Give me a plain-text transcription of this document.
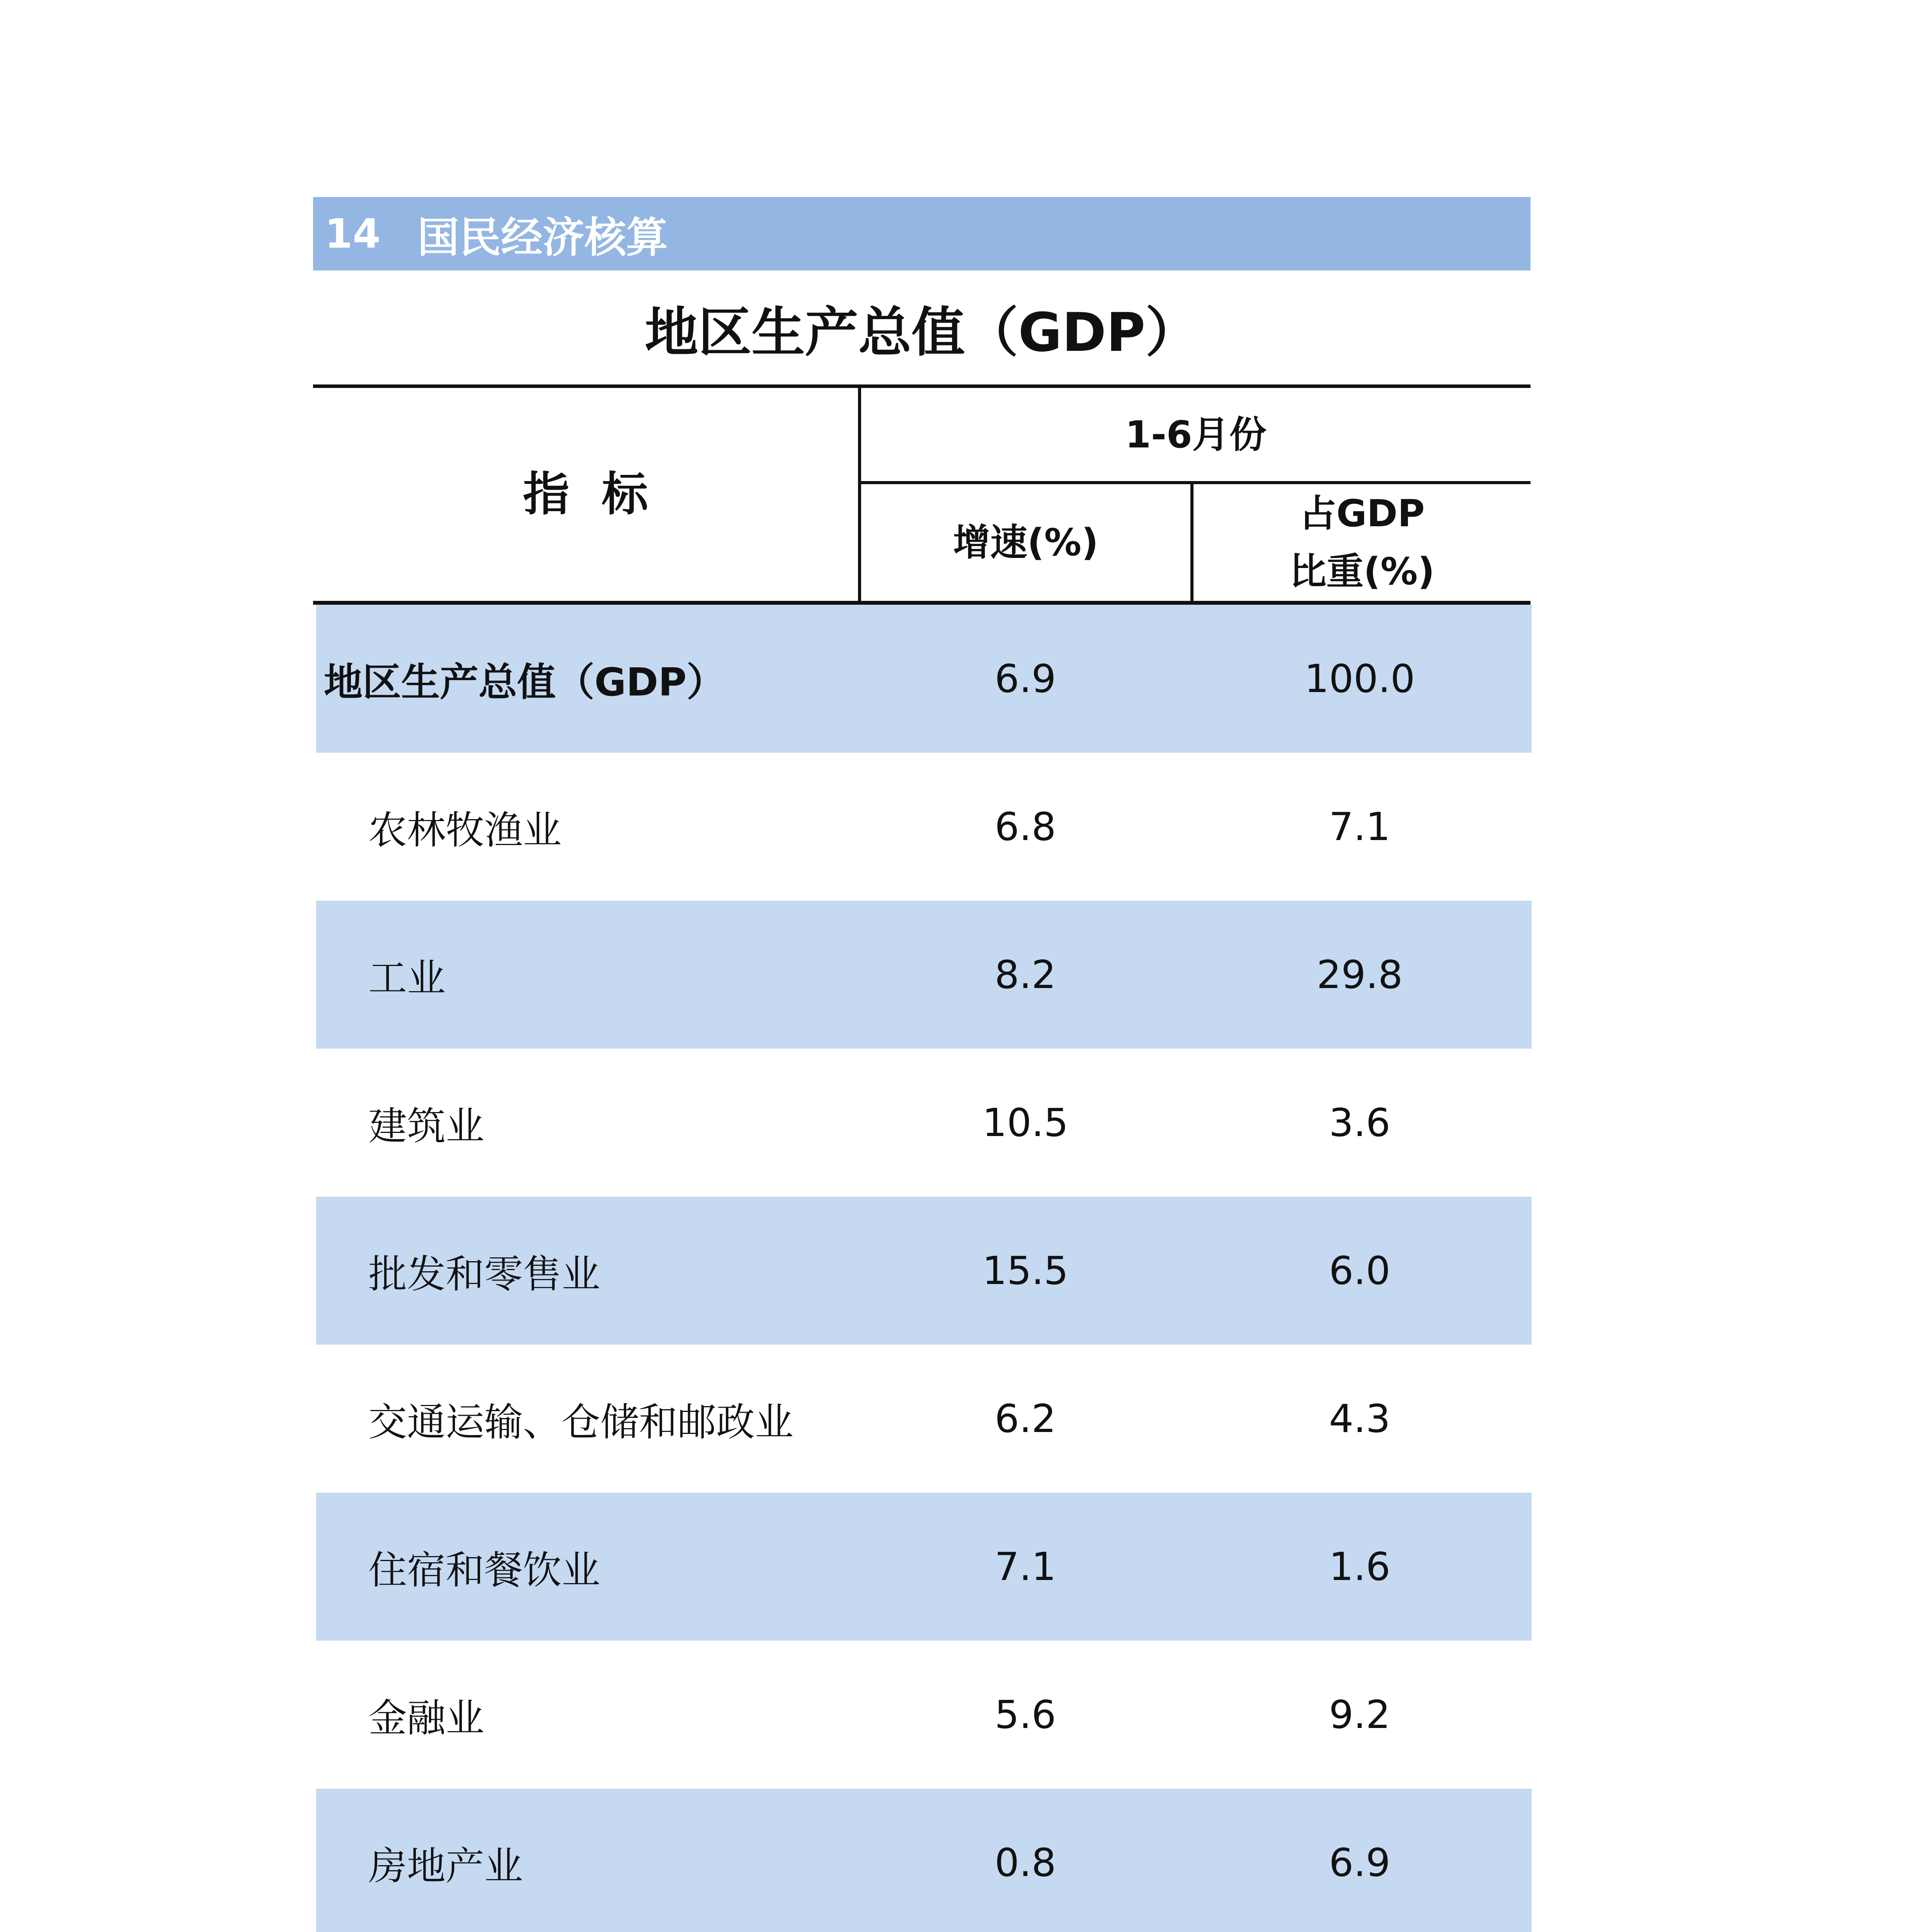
14 国民经济核算
地区生产总值（GDP）
指  标
1-6月份
增速(%)
占GDP
比重(%)
地区生产总值（GDP）	6.9	100.0
农林牧渔业	6.8	7.1
工业	8.2	29.8
建筑业	10.5	3.6
批发和零售业	15.5	6.0
交通运输、仓储和邮政业	6.2	4.3
住宿和餐饮业	7.1	1.6
金融业	5.6	9.2
房地产业	0.8	6.9
